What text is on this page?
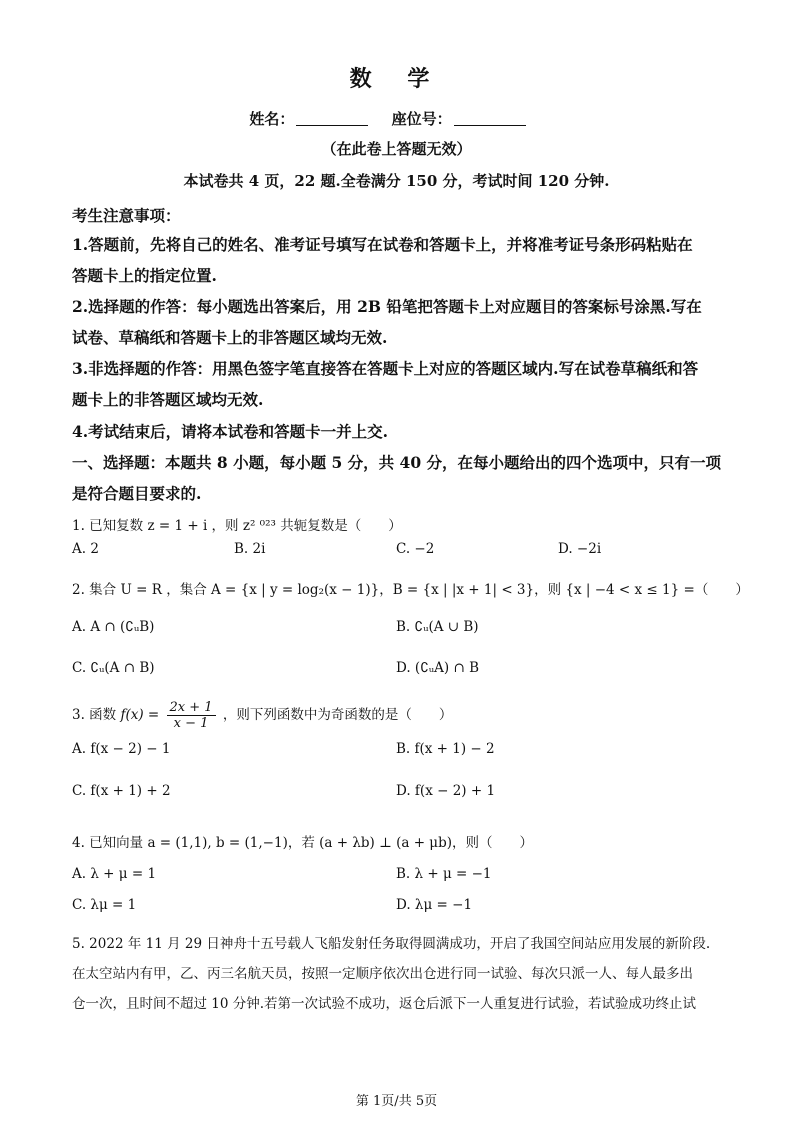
数 学
姓名：	座位号：
（在此卷上答题无效）
本试卷共 4 页，22 题.全卷满分 150 分，考试时间 120 分钟.
考生注意事项：
1.答题前，先将自己的姓名、准考证号填写在试卷和答题卡上，并将准考证号条形码粘贴在
答题卡上的指定位置.
2.选择题的作答：每小题选出答案后，用 2B 铅笔把答题卡上对应题目的答案标号涂黑.写在
试卷、草稿纸和答题卡上的非答题区域均无效.
3.非选择题的作答：用黑色签字笔直接答在答题卡上对应的答题区域内.写在试卷草稿纸和答
题卡上的非答题区域均无效.
4.考试结束后，请将本试卷和答题卡一并上交.
一、选择题：本题共 8 小题，每小题 5 分，共 40 分，在每小题给出的四个选项中，只有一项
是符合题目要求的.
1. 已知复数 z = 1 + i ，则 z² ⁰²³ 共轭复数是（　　）
A. 2	B. 2i	C. −2	D. −2i
2. 集合 U = R ，集合 A = {x | y = log₂(x − 1)}，B = {x | |x + 1| < 3}，则 {x | −4 < x ≤ 1} =（　　）
A. A ∩ (∁ᵤB)	B. ∁ᵤ(A ∪ B)
C. ∁ᵤ(A ∩ B)	D. (∁ᵤA) ∩ B
3. 函数 $f(x) = \frac{2x + 1}{x - 1}$ ，则下列函数中为奇函数的是（　　）
A. f(x − 2) − 1	B. f(x + 1) − 2
C. f(x + 1) + 2	D. f(x − 2) + 1
4. 已知向量 a = (1,1), b = (1,−1)，若 (a + λb) ⊥ (a + μb)，则（　　）
A. λ + μ = 1	B. λ + μ = −1
C. λμ = 1	D. λμ = −1
5. 2022 年 11 月 29 日神舟十五号载人飞船发射任务取得圆满成功，开启了我国空间站应用发展的新阶段.
在太空站内有甲，乙、丙三名航天员，按照一定顺序依次出仓进行同一试验、每次只派一人、每人最多出
仓一次，且时间不超过 10 分钟.若第一次试验不成功，返仓后派下一人重复进行试验，若试验成功终止试
第 1页/共 5页
